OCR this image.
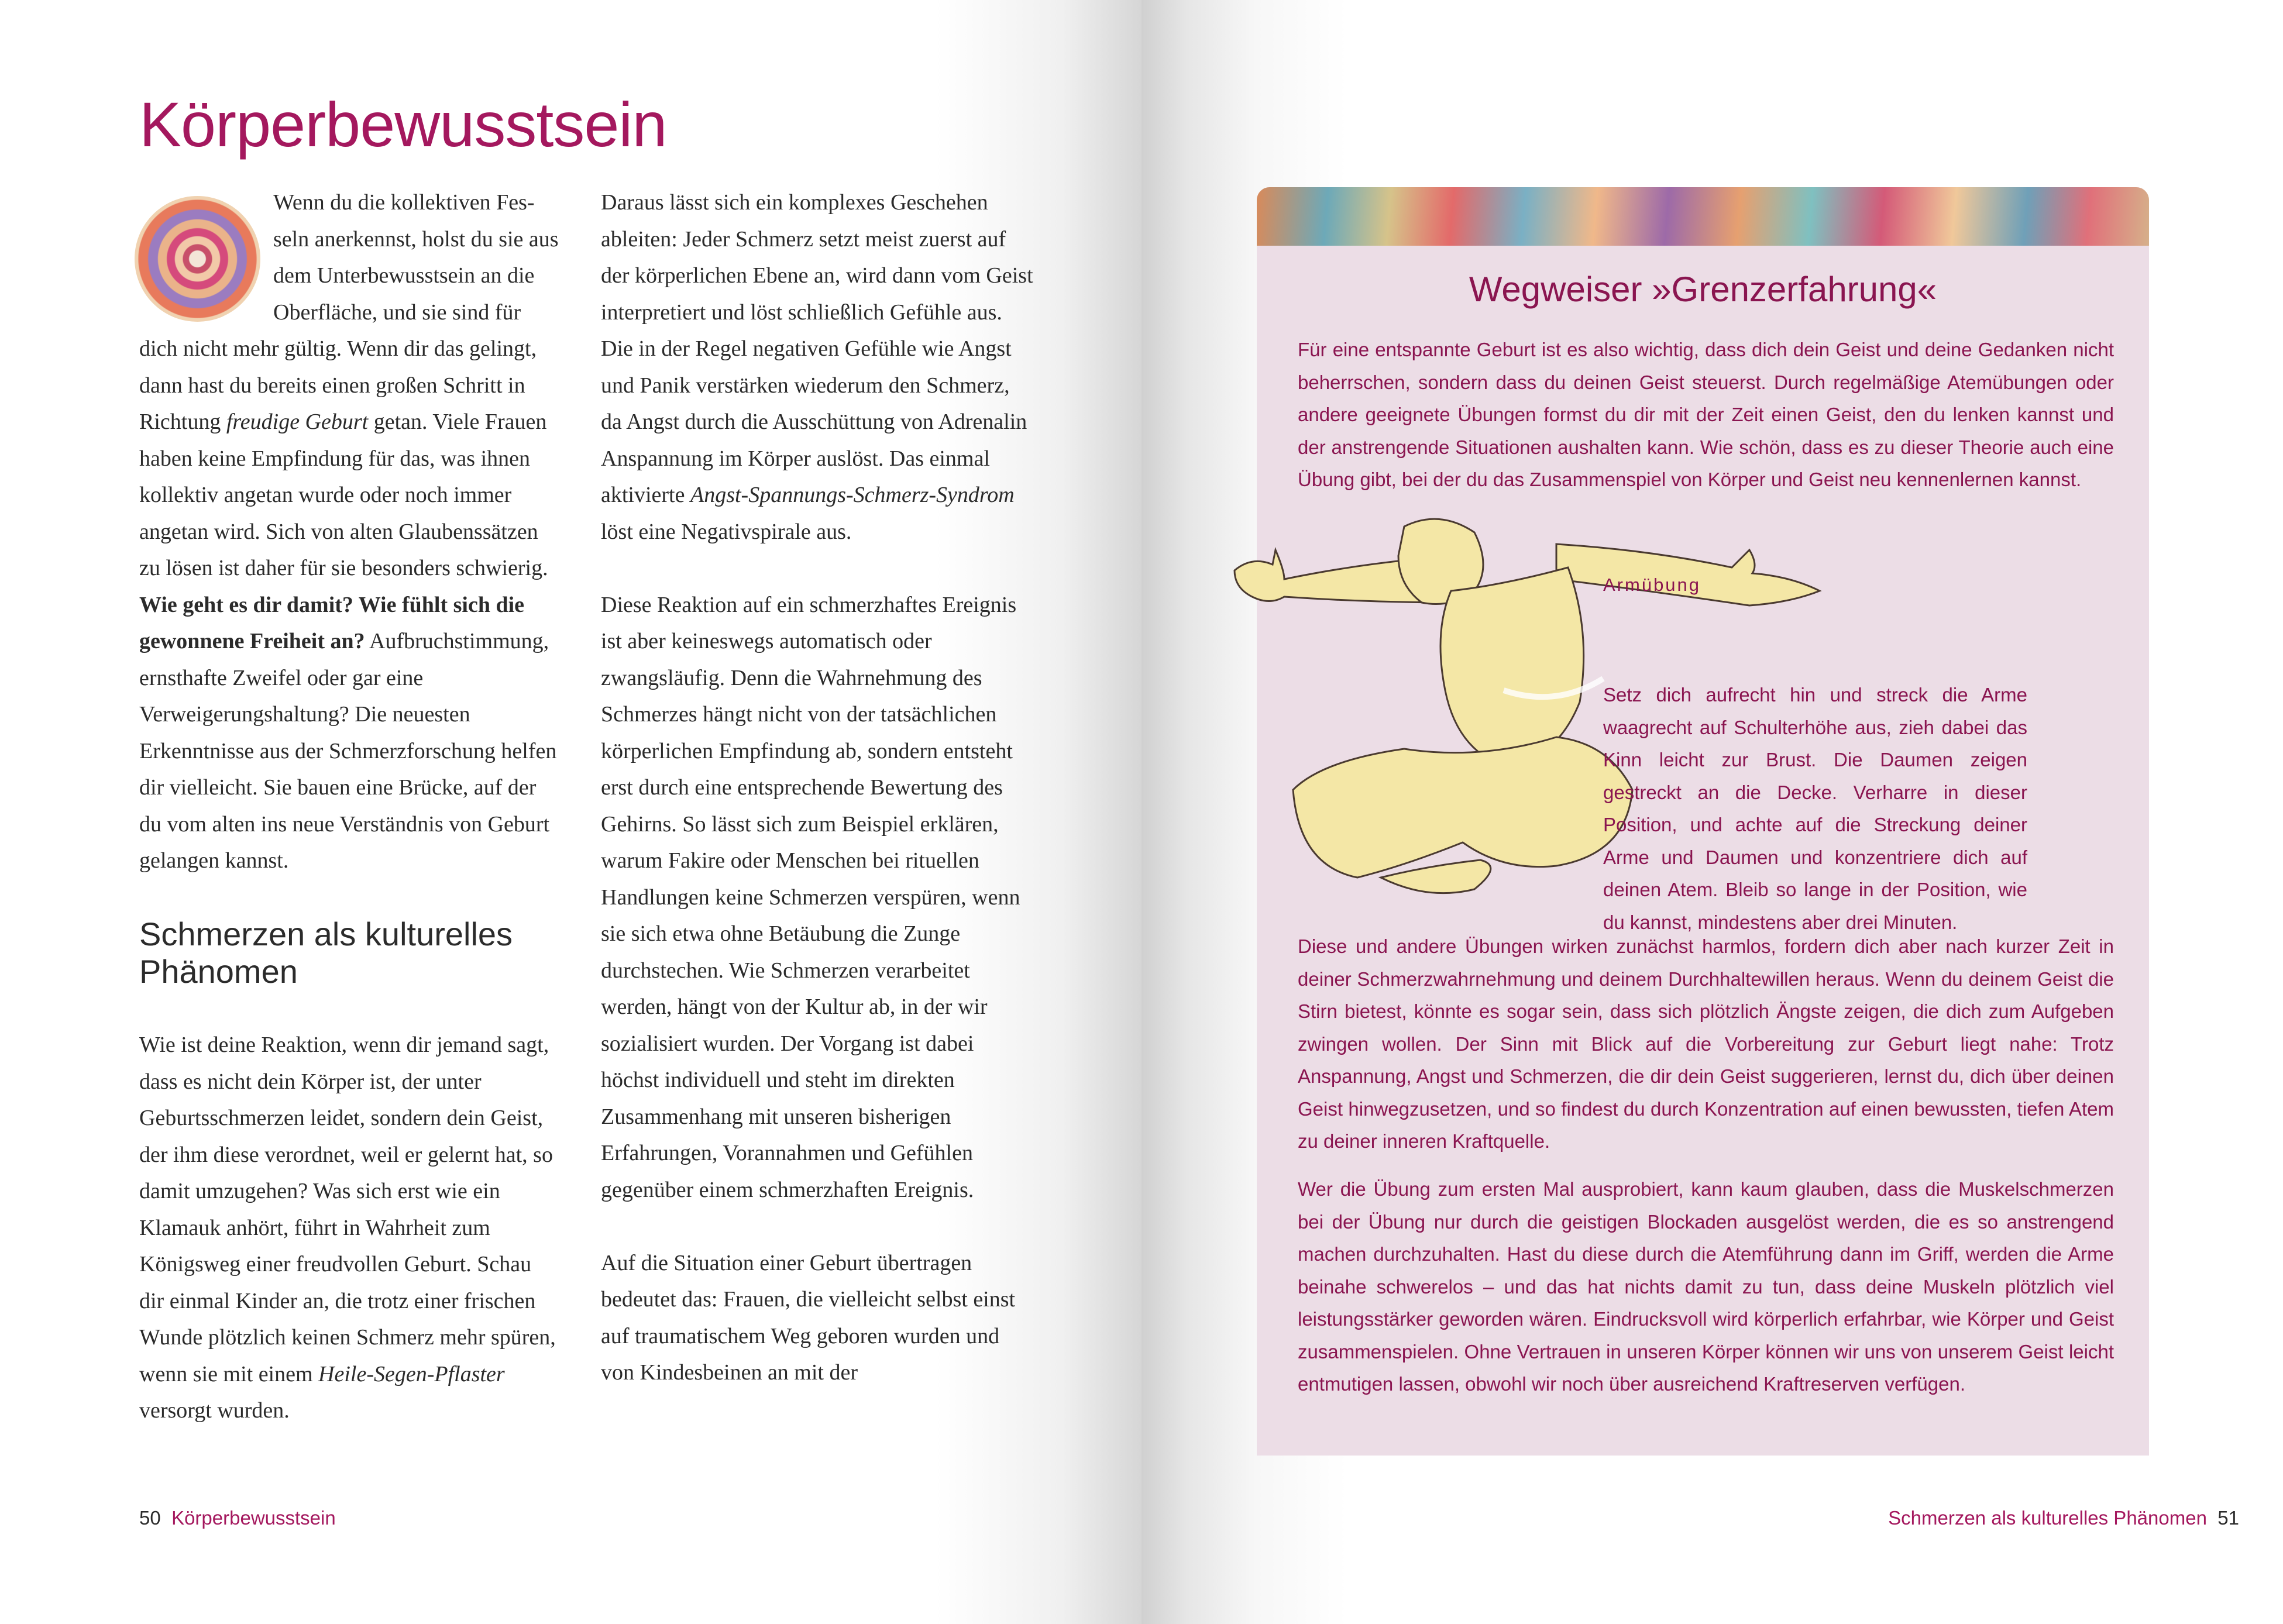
Körperbewusstsein

Wenn du die kollektiven Fesseln anerkennst, holst du sie aus dem Unterbewusstsein an die Oberfläche, und sie sind für dich nicht mehr gültig. Wenn dir das gelingt, dann hast du bereits einen großen Schritt in Richtung freudige Geburt getan. Viele Frauen haben keine Empfindung für das, was ihnen kollektiv angetan wurde oder noch immer angetan wird. Sich von alten Glaubenssätzen zu lösen ist daher für sie besonders schwierig. Wie geht es dir damit? Wie fühlt sich die gewonnene Freiheit an? Aufbruchstimmung, ernsthafte Zweifel oder gar eine Verweigerungshaltung? Die neuesten Erkenntnisse aus der Schmerzforschung helfen dir vielleicht. Sie bauen eine Brücke, auf der du vom alten ins neue Verständnis von Geburt gelangen kannst.

Schmerzen als kulturelles Phänomen

Wie ist deine Reaktion, wenn dir jemand sagt, dass es nicht dein Körper ist, der unter Geburtsschmerzen leidet, sondern dein Geist, der ihm diese verordnet, weil er gelernt hat, so damit umzugehen? Was sich erst wie ein Klamauk anhört, führt in Wahrheit zum Königsweg einer freudvollen Geburt. Schau dir einmal Kinder an, die trotz einer frischen Wunde plötzlich keinen Schmerz mehr spüren, wenn sie mit einem Heile-Segen-Pflaster versorgt wurden.

Daraus lässt sich ein komplexes Geschehen ableiten: Jeder Schmerz setzt meist zuerst auf der körperlichen Ebene an, wird dann vom Geist interpretiert und löst schließlich Gefühle aus. Die in der Regel negativen Gefühle wie Angst und Panik verstärken wiederum den Schmerz, da Angst durch die Ausschüttung von Adrenalin Anspannung im Körper auslöst. Das einmal aktivierte Angst-Spannungs-Schmerz-Syndrom löst eine Negativspirale aus.

Diese Reaktion auf ein schmerzhaftes Ereignis ist aber keineswegs automatisch oder zwangsläufig. Denn die Wahrnehmung des Schmerzes hängt nicht von der tatsächlichen körperlichen Empfindung ab, sondern entsteht erst durch eine entsprechende Bewertung des Gehirns. So lässt sich zum Beispiel erklären, warum Fakire oder Menschen bei rituellen Handlungen keine Schmerzen verspüren, wenn sie sich etwa ohne Betäubung die Zunge durchstechen. Wie Schmerzen verarbeitet werden, hängt von der Kultur ab, in der wir sozialisiert wurden. Der Vorgang ist dabei höchst individuell und steht im direkten Zusammenhang mit unseren bisherigen Erfahrungen, Vorannahmen und Gefühlen gegenüber einem schmerzhaften Ereignis.

Auf die Situation einer Geburt übertragen bedeutet das: Frauen, die vielleicht selbst einst auf traumatischem Weg geboren wurden und von Kindesbeinen an mit der

50 Körperbewusstsein
Wegweiser »Grenzerfahrung«
Für eine entspannte Geburt ist es also wichtig, dass dich dein Geist und deine Gedanken nicht beherrschen, sondern dass du deinen Geist steuerst. Durch regelmäßige Atemübungen oder andere geeignete Übungen formst du dir mit der Zeit einen Geist, den du lenken kannst und der anstrengende Situationen aushalten kann. Wie schön, dass es zu dieser Theorie auch eine Übung gibt, bei der du das Zusammenspiel von Körper und Geist neu kennenlernen kannst.
Diese und andere Übungen wirken zunächst harmlos, fordern dich aber nach kurzer Zeit in deiner Schmerzwahrnehmung und deinem Durchhaltewillen heraus. Wenn du deinem Geist die Stirn bietest, könnte es sogar sein, dass sich plötzlich Ängste zeigen, die dich zum Aufgeben zwingen wollen. Der Sinn mit Blick auf die Vorbereitung zur Geburt liegt nahe: Trotz Anspannung, Angst und Schmerzen, die dir dein Geist suggerieren, lernst du, dich über deinen Geist hinwegzusetzen, und so findest du durch Konzentration auf einen bewussten, tiefen Atem zu deiner inneren Kraftquelle.
Wer die Übung zum ersten Mal ausprobiert, kann kaum glauben, dass die Muskelschmerzen bei der Übung nur durch die geistigen Blockaden ausgelöst werden, die es so anstrengend machen durchzuhalten. Hast du diese durch die Atemführung dann im Griff, werden die Arme beinahe schwerelos – und das hat nichts damit zu tun, dass deine Muskeln plötzlich viel leistungsstärker geworden wären. Eindrucksvoll wird körperlich erfahrbar, wie Körper und Geist zusammenspielen. Ohne Vertrauen in unseren Körper können wir uns von unserem Geist leicht entmutigen lassen, obwohl wir noch über ausreichend Kraftreserven verfügen.
Armübung
Setz dich aufrecht hin und streck die Arme waagrecht auf Schulterhöhe aus, zieh dabei das Kinn leicht zur Brust. Die Daumen zeigen gestreckt an die Decke. Verharre in dieser Position, und achte auf die Streckung deiner Arme und Daumen und konzentriere dich auf deinen Atem. Bleib so lange in der Position, wie du kannst, mindestens aber drei Minuten.
Schmerzen als kulturelles Phänomen 51
